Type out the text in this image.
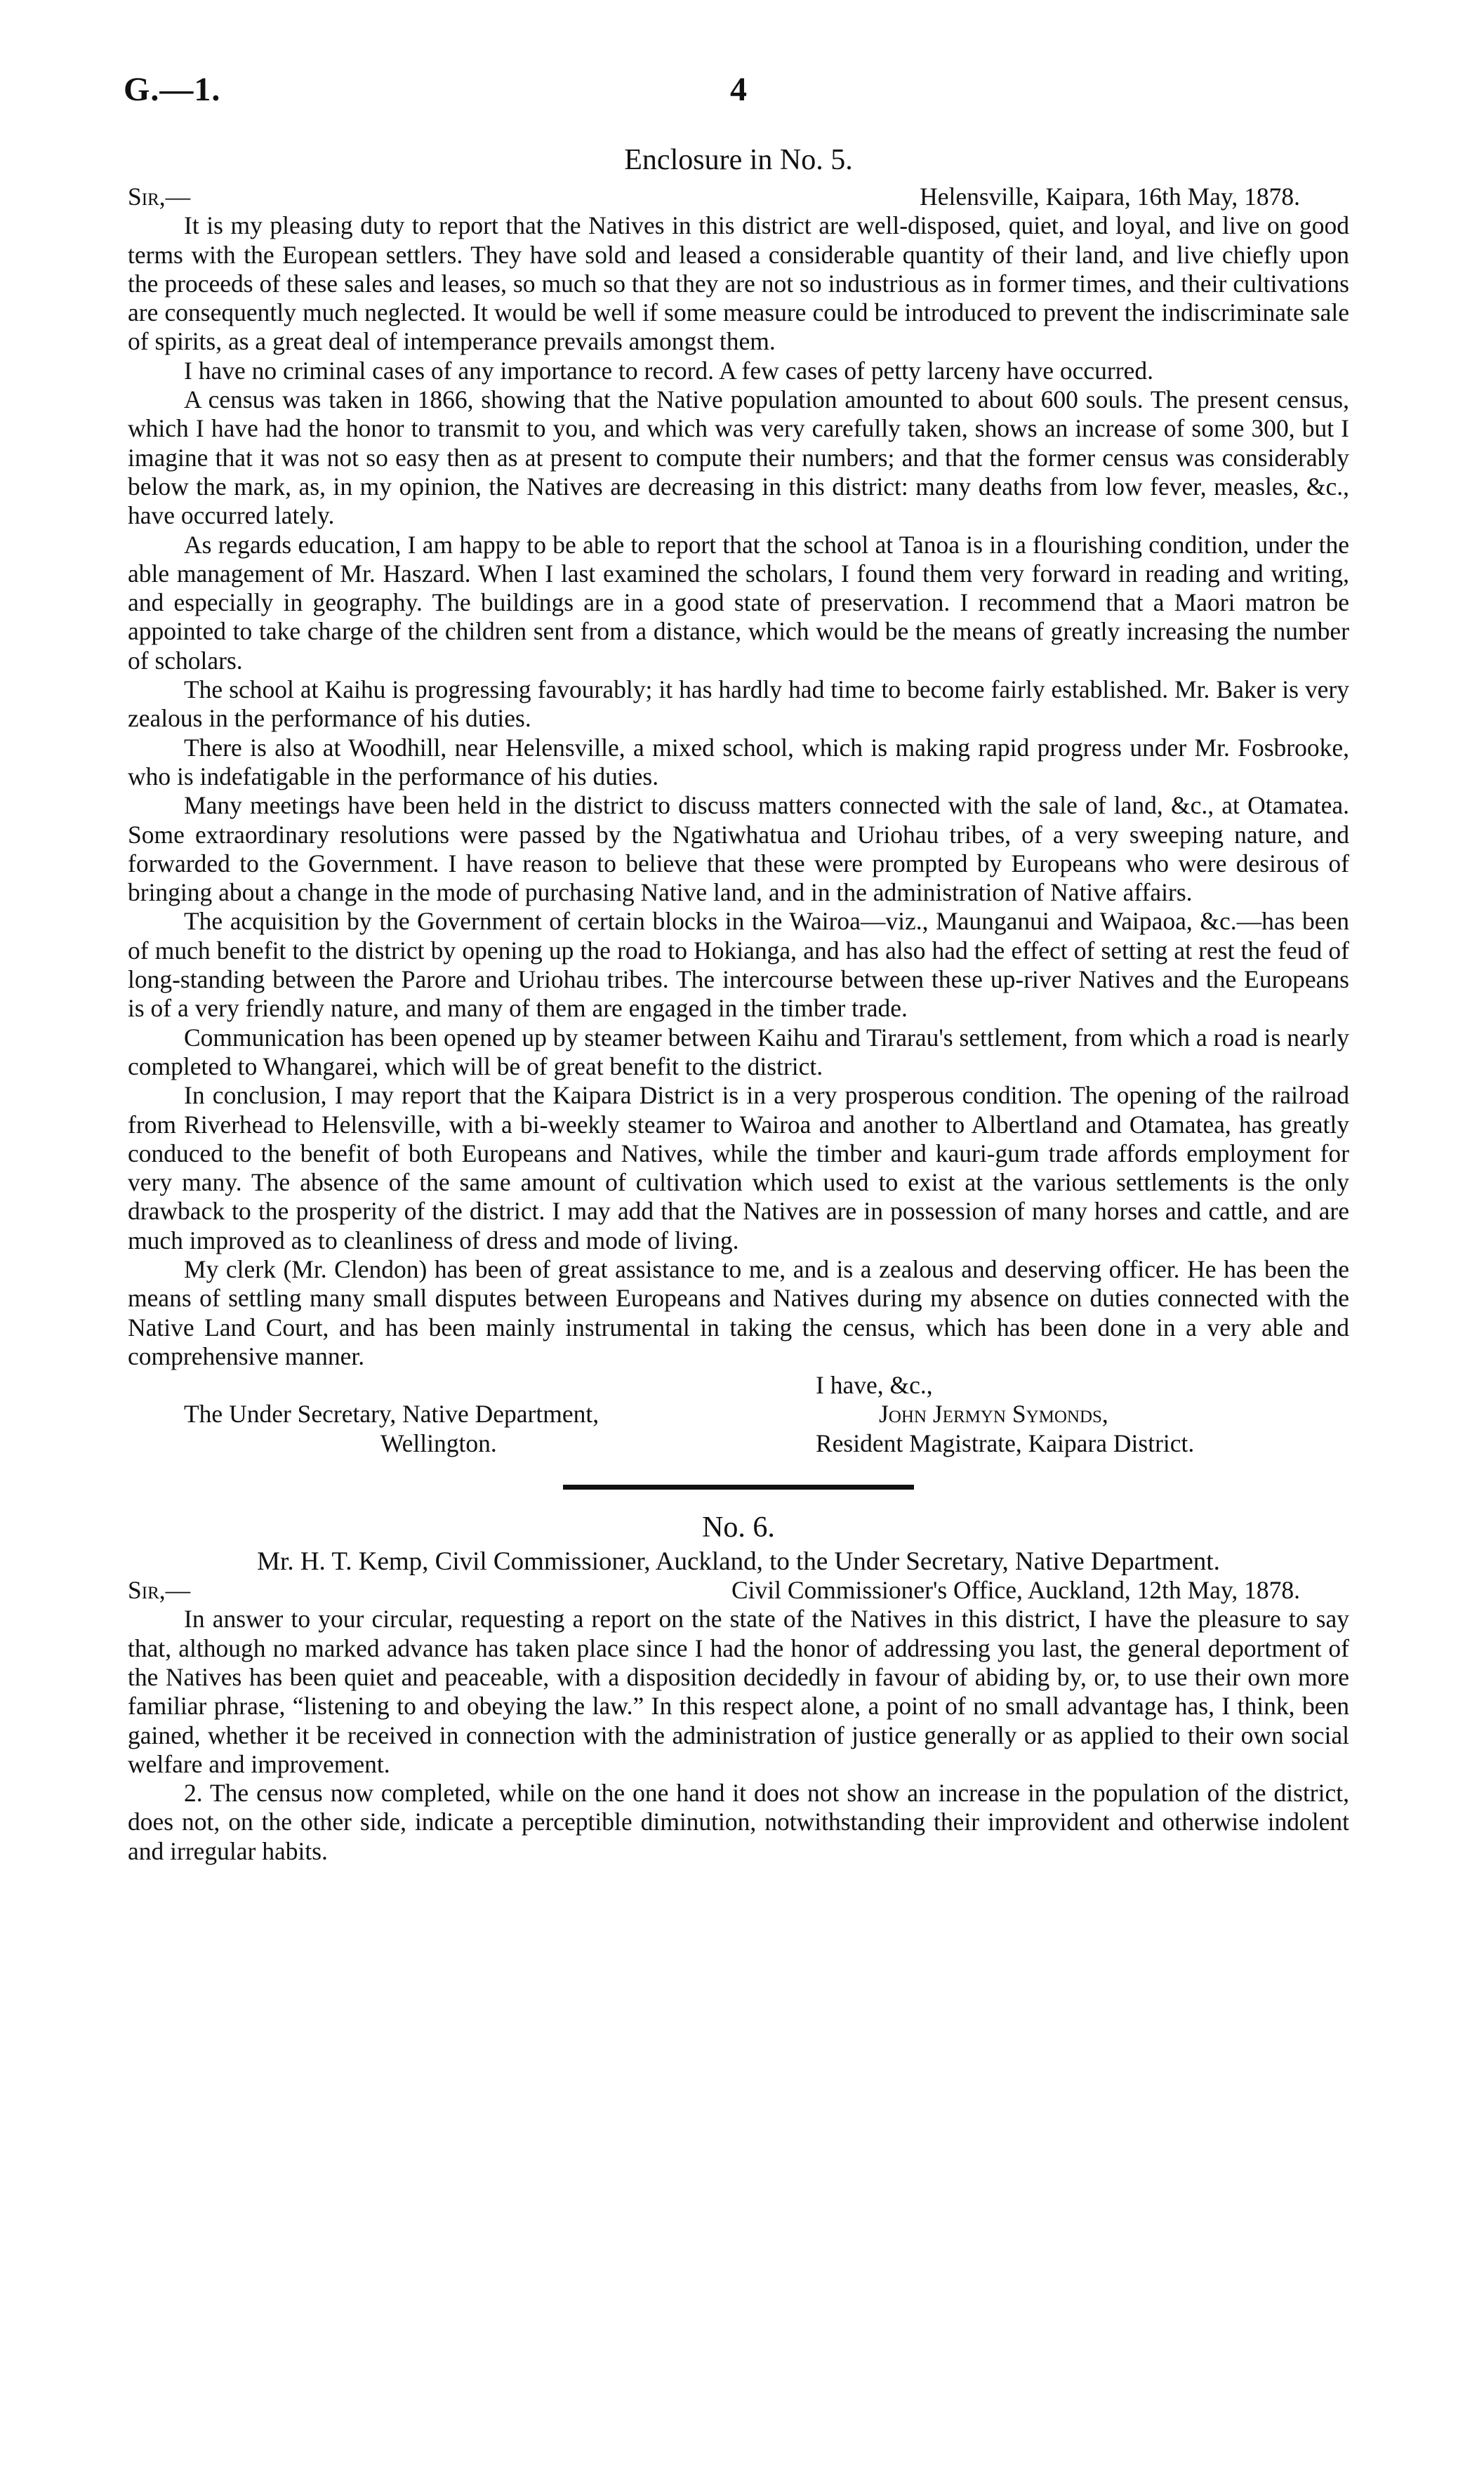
G.—1.	4
Enclosure in No. 5.
Sir,—	Helensville, Kaipara, 16th May, 1878.

It is my pleasing duty to report that the Natives in this district are well-disposed, quiet, and loyal, and live on good terms with the European settlers. They have sold and leased a considerable quantity of their land, and live chiefly upon the proceeds of these sales and leases, so much so that they are not so industrious as in former times, and their cultivations are consequently much neglected. It would be well if some measure could be introduced to prevent the indiscriminate sale of spirits, as a great deal of intemperance prevails amongst them.

I have no criminal cases of any importance to record. A few cases of petty larceny have occurred.

A census was taken in 1866, showing that the Native population amounted to about 600 souls. The present census, which I have had the honor to transmit to you, and which was very carefully taken, shows an increase of some 300, but I imagine that it was not so easy then as at present to compute their numbers; and that the former census was considerably below the mark, as, in my opinion, the Natives are decreasing in this district: many deaths from low fever, measles, &c., have occurred lately.

As regards education, I am happy to be able to report that the school at Tanoa is in a flourishing condition, under the able management of Mr. Haszard. When I last examined the scholars, I found them very forward in reading and writing, and especially in geography. The buildings are in a good state of preservation. I recommend that a Maori matron be appointed to take charge of the children sent from a distance, which would be the means of greatly increasing the number of scholars.

The school at Kaihu is progressing favourably; it has hardly had time to become fairly established. Mr. Baker is very zealous in the performance of his duties.

There is also at Woodhill, near Helensville, a mixed school, which is making rapid progress under Mr. Fosbrooke, who is indefatigable in the performance of his duties.

Many meetings have been held in the district to discuss matters connected with the sale of land, &c., at Otamatea. Some extraordinary resolutions were passed by the Ngatiwhatua and Uriohau tribes, of a very sweeping nature, and forwarded to the Government. I have reason to believe that these were prompted by Europeans who were desirous of bringing about a change in the mode of purchasing Native land, and in the administration of Native affairs.

The acquisition by the Government of certain blocks in the Wairoa—viz., Maunganui and Waipaoa, &c.—has been of much benefit to the district by opening up the road to Hokianga, and has also had the effect of setting at rest the feud of long-standing between the Parore and Uriohau tribes. The intercourse between these up-river Natives and the Europeans is of a very friendly nature, and many of them are engaged in the timber trade.

Communication has been opened up by steamer between Kaihu and Tirarau's settlement, from which a road is nearly completed to Whangarei, which will be of great benefit to the district.

In conclusion, I may report that the Kaipara District is in a very prosperous condition. The opening of the railroad from Riverhead to Helensville, with a bi-weekly steamer to Wairoa and another to Albertland and Otamatea, has greatly conduced to the benefit of both Europeans and Natives, while the timber and kauri-gum trade affords employment for very many. The absence of the same amount of cultivation which used to exist at the various settlements is the only drawback to the prosperity of the district. I may add that the Natives are in possession of many horses and cattle, and are much improved as to cleanliness of dress and mode of living.

My clerk (Mr. Clendon) has been of great assistance to me, and is a zealous and deserving officer. He has been the means of settling many small disputes between Europeans and Natives during my absence on duties connected with the Native Land Court, and has been mainly instrumental in taking the census, which has been done in a very able and comprehensive manner.

The Under Secretary, Native Department,
Wellington.
I have, &c.,
John Jermyn Symonds,
Resident Magistrate, Kaipara District.
No. 6.
Mr. H. T. Kemp, Civil Commissioner, Auckland, to the Under Secretary, Native Department.
Sir,—	Civil Commissioner's Office, Auckland, 12th May, 1878.

In answer to your circular, requesting a report on the state of the Natives in this district, I have the pleasure to say that, although no marked advance has taken place since I had the honor of addressing you last, the general deportment of the Natives has been quiet and peaceable, with a disposition decidedly in favour of abiding by, or, to use their own more familiar phrase, “listening to and obeying the law.” In this respect alone, a point of no small advantage has, I think, been gained, whether it be received in connection with the administration of justice generally or as applied to their own social welfare and improvement.

2. The census now completed, while on the one hand it does not show an increase in the population of the district, does not, on the other side, indicate a perceptible diminution, notwithstanding their improvident and otherwise indolent and irregular habits.
